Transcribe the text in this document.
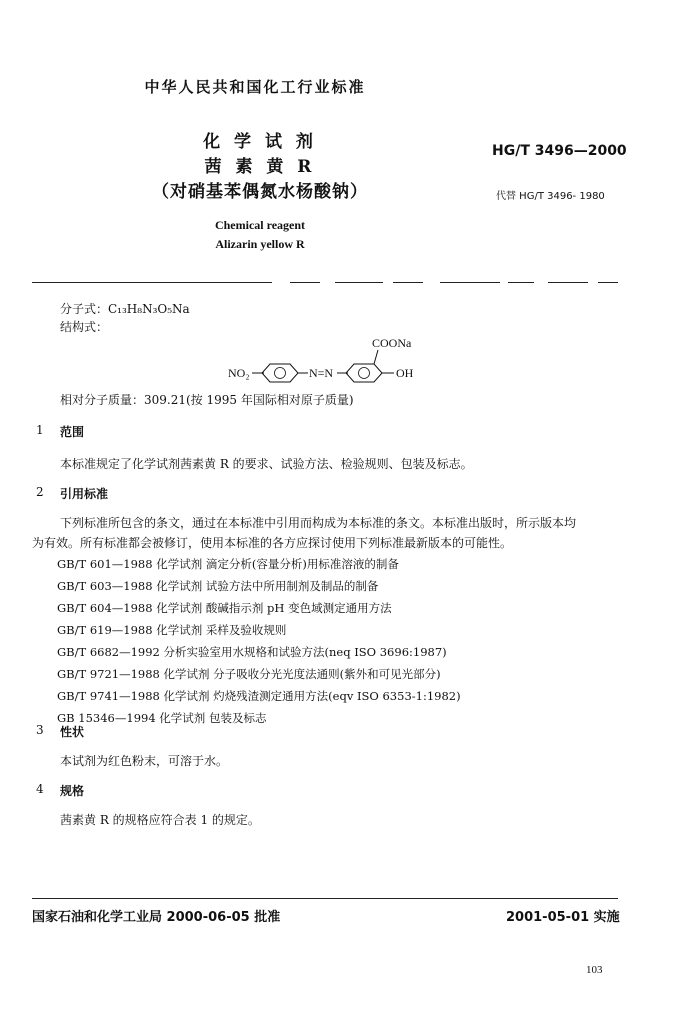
中华人民共和国化工行业标准
化 学 试 剂
茜 素 黄 R
（对硝基苯偶氮水杨酸钠）
HG/T 3496—2000
代替 HG/T 3496- 1980
Chemical reagent
Alizarin yellow R
分子式：C₁₃H₈N₃O₅Na
结构式：
NO₂	N=N
COONa
OH
相对分子质量：309.21(按 1995 年国际相对原子质量)
1 范围
本标准规定了化学试剂茜素黄 R 的要求、试验方法、检验规则、包装及标志。
2 引用标准
下列标准所包含的条文，通过在本标准中引用而构成为本标准的条文。本标准出版时，所示版本均
为有效。所有标准都会被修订，使用本标准的各方应探讨使用下列标准最新版本的可能性。
GB/T 601—1988 化学试剂 滴定分析(容量分析)用标准溶液的制备
GB/T 603—1988 化学试剂 试验方法中所用制剂及制品的制备
GB/T 604—1988 化学试剂 酸碱指示剂 pH 变色域测定通用方法
GB/T 619—1988 化学试剂 采样及验收规则
GB/T 6682—1992 分析实验室用水规格和试验方法(neq ISO 3696:1987)
GB/T 9721—1988 化学试剂 分子吸收分光光度法通则(紫外和可见光部分)
GB/T 9741—1988 化学试剂 灼烧残渣测定通用方法(eqv ISO 6353-1:1982)
GB 15346—1994 化学试剂 包装及标志
3 性状
本试剂为红色粉末，可溶于水。
4 规格
茜素黄 R 的规格应符合表 1 的规定。
国家石油和化学工业局 2000-06-05 批准	2001-05-01 实施
103
